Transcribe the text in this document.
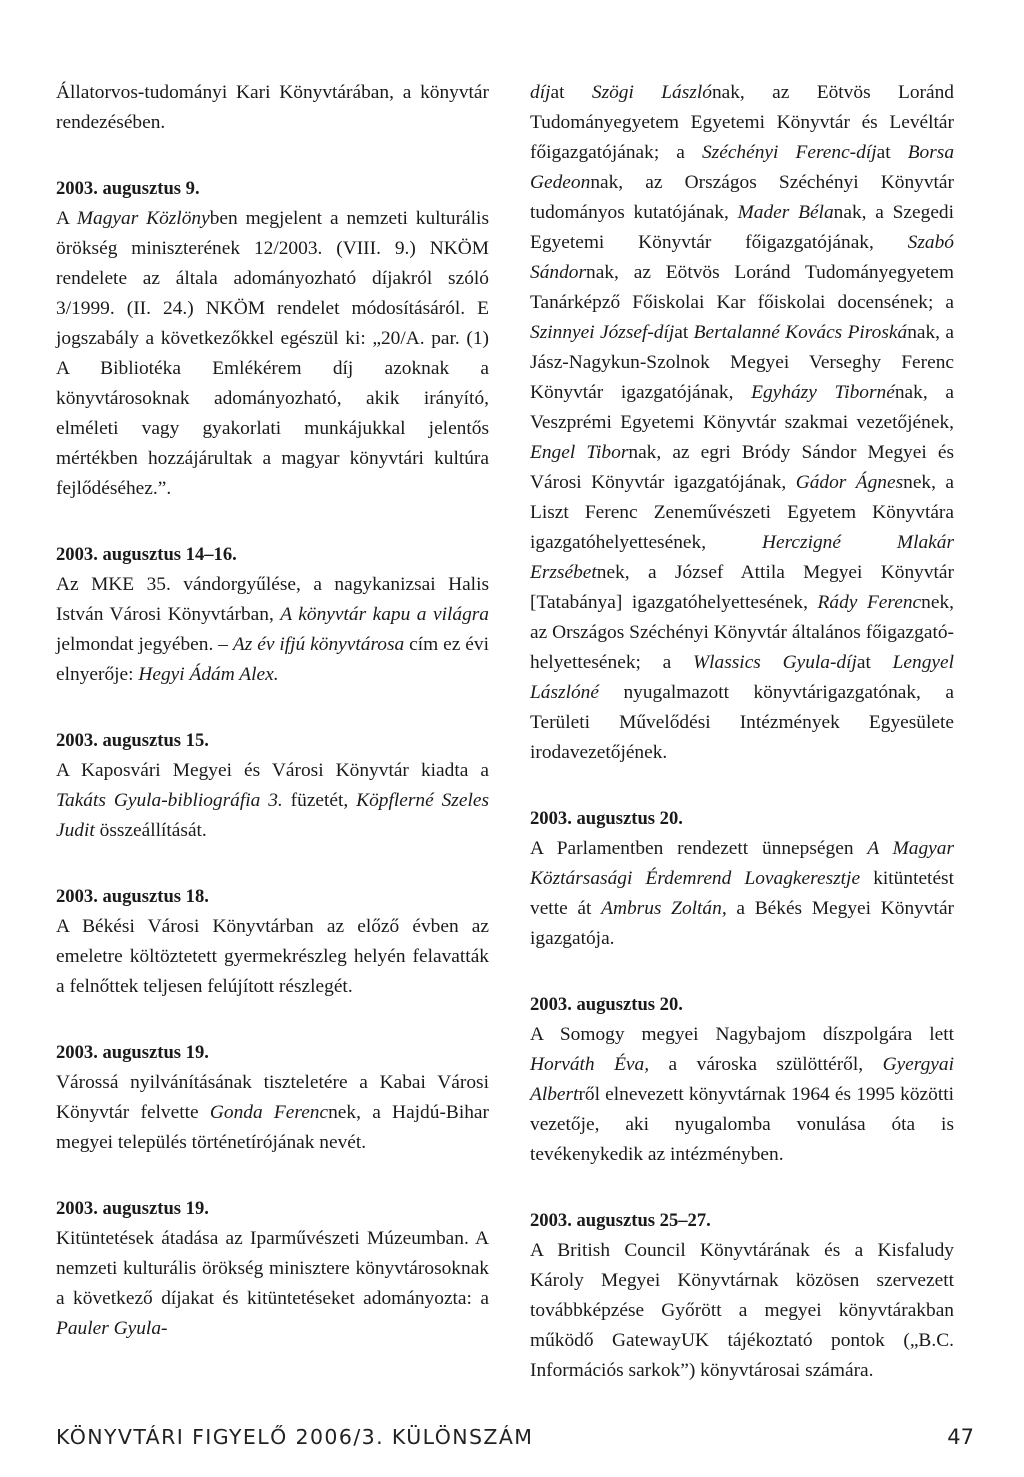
Állatorvos-tudományi Kari Könyvtárában, a könyvtár rendezésében.

2003. augusztus 9.

A Magyar Közlönyben megjelent a nemzeti kulturális örökség miniszterének 12/2003. (VIII. 9.) NKÖM rendelete az általa adományozható díjakról szóló 3/1999. (II. 24.) NKÖM rendelet módosításáról. E jogszabály a következőkkel egészül ki: „20/A. par. (1) A Bibliotéka Emlékérem díj azoknak a könyvtárosoknak adományozható, akik irányító, elméleti vagy gyakorlati munkájukkal jelentős mértékben hozzájárultak a magyar könyvtári kultúra fejlődéséhez.”.

2003. augusztus 14–16.

Az MKE 35. vándorgyűlése, a nagykanizsai Halis István Városi Könyvtárban, A könyvtár kapu a világra jelmondat jegyében. – Az év ifjú könyvtárosa cím ez évi elnyerője: Hegyi Ádám Alex.

2003. augusztus 15.

A Kaposvári Megyei és Városi Könyvtár kiadta a Takáts Gyula-bibliográfia 3. füzetét, Köpflerné Szeles Judit összeállítását.

2003. augusztus 18.

A Békési Városi Könyvtárban az előző évben az emeletre költöztetett gyermekrészleg helyén felavatták a felnőttek teljesen felújított részlegét.

2003. augusztus 19.

Várossá nyilvánításának tiszteletére a Kabai Városi Könyvtár felvette Gonda Ferencnek, a Hajdú-Bihar megyei település történetírójának nevét.

2003. augusztus 19.

Kitüntetések átadása az Iparművészeti Múzeumban. A nemzeti kulturális örökség minisztere könyvtárosoknak a következő díjakat és kitüntetéseket adományozta: a Pauler Gyula-

díjat Szögi Lászlónak, az Eötvös Loránd Tudományegyetem Egyetemi Könyvtár és Levéltár főigazgatójának; a Széchényi Ferenc-díjat Borsa Gedeonnak, az Országos Széchényi Könyvtár tudományos kutatójának, Mader Bélanak, a Szegedi Egyetemi Könyvtár főigazgatójának, Szabó Sándornak, az Eötvös Loránd Tudományegyetem Tanárképző Főiskolai Kar főiskolai docensének; a Szinnyei József-díjat Bertalanné Kovács Piroskának, a Jász-Nagykun-Szolnok Megyei Verseghy Ferenc Könyvtár igazgatójának, Egyházy Tibornénak, a Veszprémi Egyetemi Könyvtár szakmai vezetőjének, Engel Tibornak, az egri Bródy Sándor Megyei és Városi Könyvtár igazgatójának, Gádor Ágnesnek, a Liszt Ferenc Zeneművészeti Egyetem Könyvtára igazgatóhelyettesének, Herczigné Mlakár Erzsébetnek, a József Attila Megyei Könyvtár [Tatabánya] igazgatóhelyettesének, Rády Ferencnek, az Országos Széchényi Könyvtár általános főigazgató-helyettesének; a Wlassics Gyula-díjat Lengyel Lászlóné nyugalmazott könyvtárigazgatónak, a Területi Művelődési Intézmények Egyesülete irodavezetőjének.

2003. augusztus 20.

A Parlamentben rendezett ünnepségen A Magyar Köztársasági Érdemrend Lovagkeresztje kitüntetést vette át Ambrus Zoltán, a Békés Megyei Könyvtár igazgatója.

2003. augusztus 20.

A Somogy megyei Nagybajom díszpolgára lett Horváth Éva, a városka szülöttéről, Gyergyai Albertről elnevezett könyvtárnak 1964 és 1995 közötti vezetője, aki nyugalomba vonulása óta is tevékenykedik az intézményben.

2003. augusztus 25–27.

A British Council Könyvtárának és a Kisfaludy Károly Megyei Könyvtárnak közösen szervezett továbbképzése Győrött a megyei könyvtárakban működő GatewayUK tájékoztató pontok („B.C. Információs sarkok”) könyvtárosai számára.

KÖNYVTÁRI FIGYELŐ 2006/3. KÜLÖNSZÁM	47
